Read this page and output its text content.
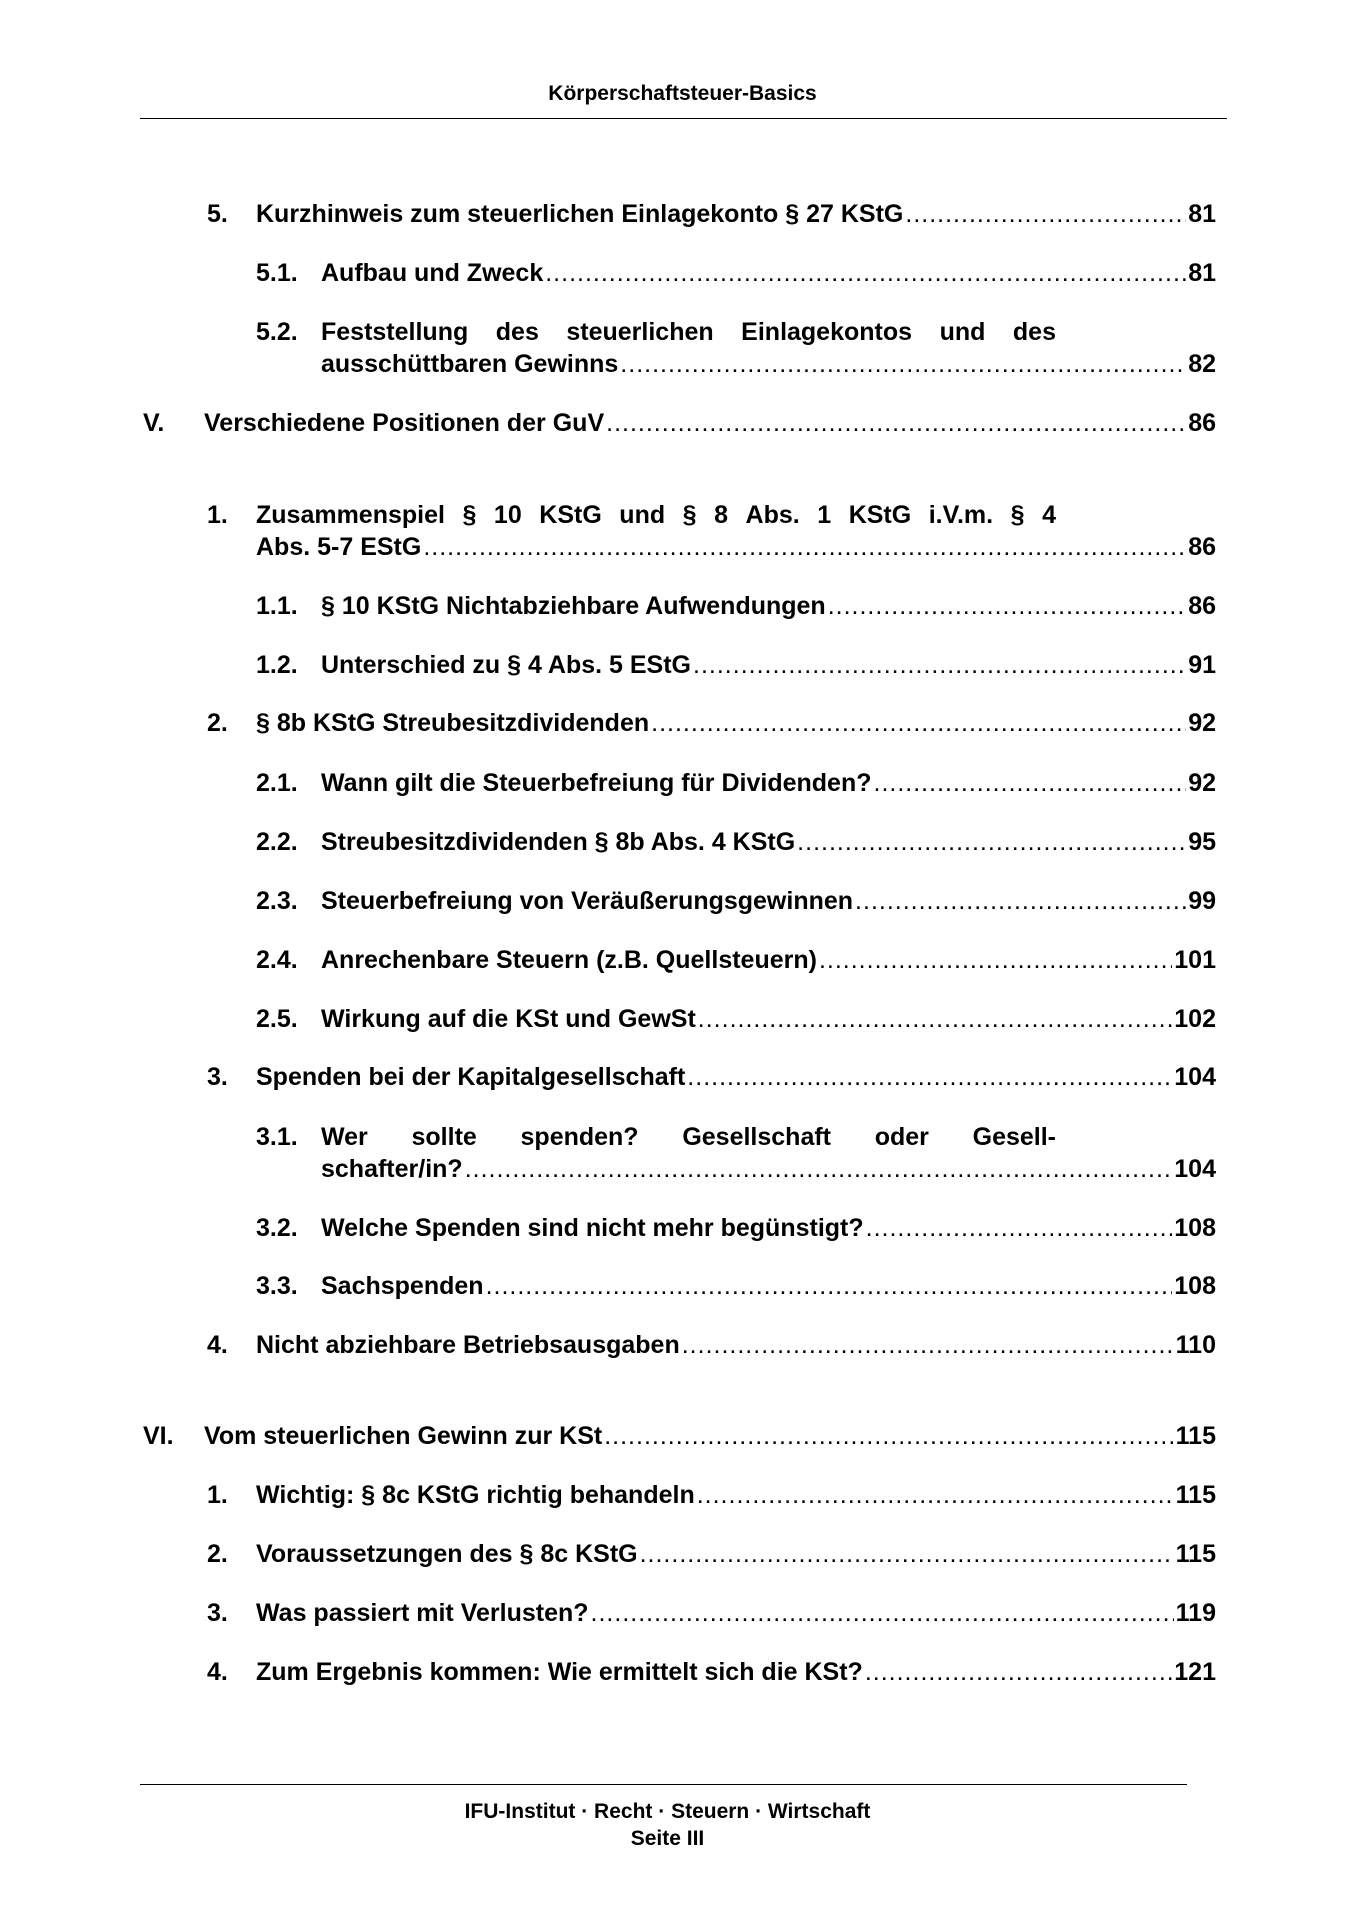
Körperschaftsteuer-Basics
5. Kurzhinweis zum steuerlichen Einlagekonto § 27 KStG .....	81
5.1. Aufbau und Zweck .....	81
5.2. Feststellung des steuerlichen Einlagekontos und des
ausschüttbaren Gewinns .....	82
V. Verschiedene Positionen der GuV .....	86
1. Zusammenspiel § 10 KStG und § 8 Abs. 1 KStG i.V.m. § 4
Abs. 5-7 EStG .....	86
1.1. § 10 KStG Nichtabziehbare Aufwendungen .....	86
1.2. Unterschied zu § 4 Abs. 5 EStG .....	91
2. § 8b KStG Streubesitzdividenden .....	92
2.1. Wann gilt die Steuerbefreiung für Dividenden? .....	92
2.2. Streubesitzdividenden § 8b Abs. 4 KStG .....	95
2.3. Steuerbefreiung von Veräußerungsgewinnen .....	99
2.4. Anrechenbare Steuern (z.B. Quellsteuern) .....	101
2.5. Wirkung auf die KSt und GewSt .....	102
3. Spenden bei der Kapitalgesellschaft .....	104
3.1. Wer sollte spenden? Gesellschaft oder Gesell-
schafter/in? .....	104
3.2. Welche Spenden sind nicht mehr begünstigt? .....	108
3.3. Sachspenden .....	108
4. Nicht abziehbare Betriebsausgaben .....	110
VI. Vom steuerlichen Gewinn zur KSt .....	115
1. Wichtig: § 8c KStG richtig behandeln .....	115
2. Voraussetzungen des § 8c KStG .....	115
3. Was passiert mit Verlusten? .....	119
4. Zum Ergebnis kommen: Wie ermittelt sich die KSt? .....	121
IFU-Institut · Recht · Steuern · Wirtschaft
Seite III
